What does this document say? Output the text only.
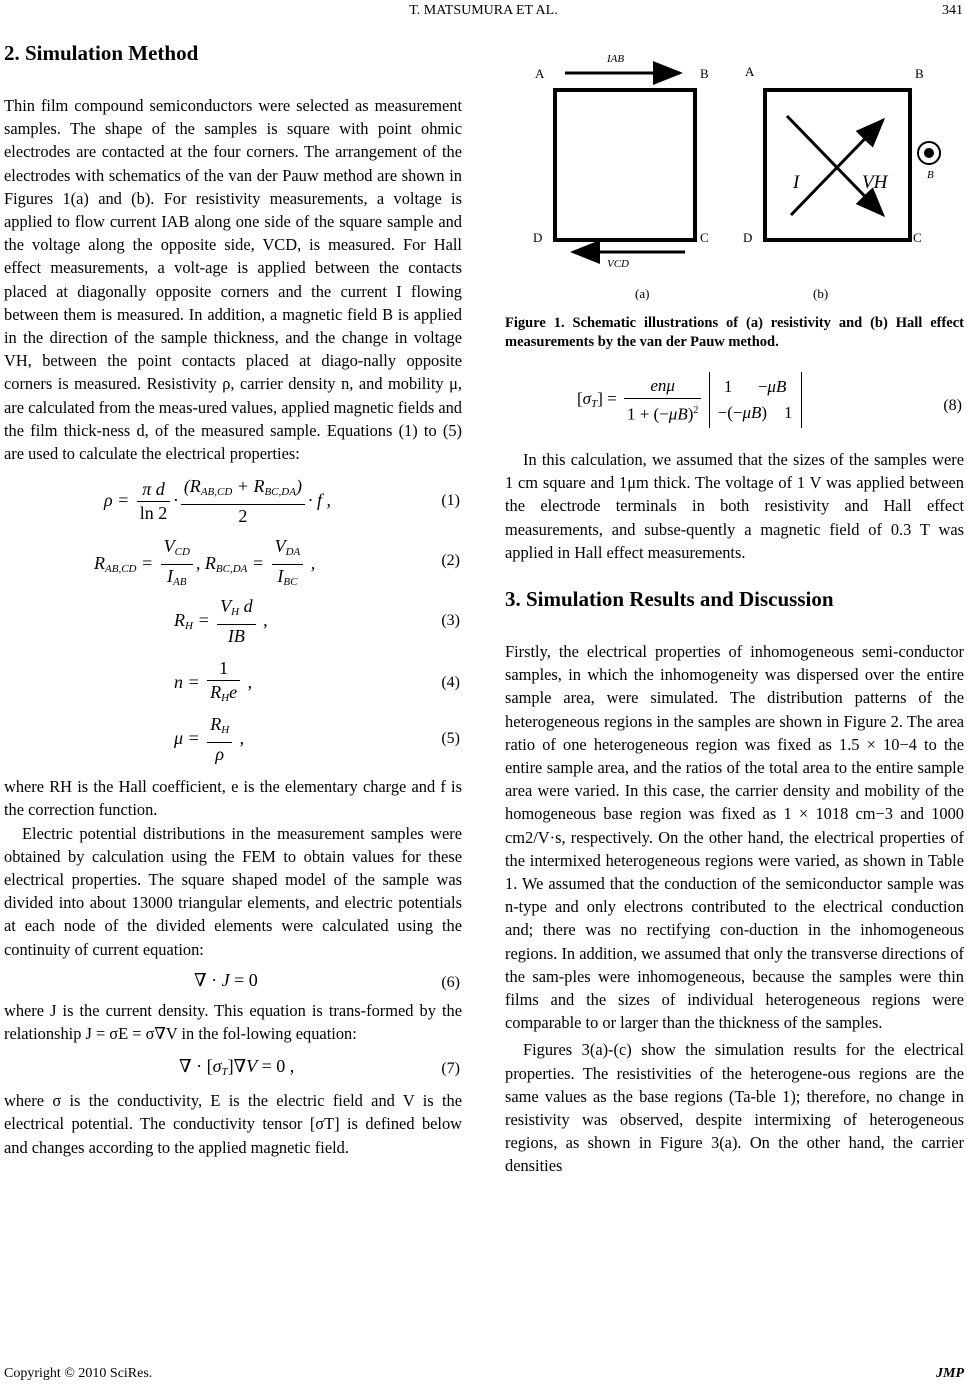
T. MATSUMURA ET AL.	341
2. Simulation Method

Thin film compound semiconductors were selected as measurement samples. The shape of the samples is square with point ohmic electrodes are contacted at the four corners. The arrangement of the electrodes with schematics of the van der Pauw method are shown in Figures 1(a) and (b). For resistivity measurements, a voltage is applied to flow current IAB along one side of the square sample and the voltage along the opposite side, VCD, is measured. For Hall effect measurements, a volt-age is applied between the contacts placed at diagonally opposite corners and the current I flowing between them is measured. In addition, a magnetic field B is applied in the direction of the sample thickness, and the change in voltage VH, between the point contacts placed at diago-nally opposite corners is measured. Resistivity ρ, carrier density n, and mobility μ, are calculated from the meas-ured values, applied magnetic fields and the film thick-ness d, of the measured sample. Equations (1) to (5) are used to calculate the electrical properties:

$\rho = \frac{\text{π d}}{\ln 2} \cdot \frac{(R_{AB,CD} + R_{BC,DA})}{2} \cdot f$ ,	(1)
$R_{AB,CD} = \frac{V_{CD}}{I_{AB}}$ , $R_{BC,DA} = \frac{V_{DA}}{I_{BC}}$ ,	(2)
$R_H = \frac{V_H d}{IB}$ ,	(3)
$n = \frac{1}{R_He}$ ,	(4)
$\mu = \frac{R_H}{\rho}$ ,	(5)

where RH is the Hall coefficient, e is the elementary charge and f is the correction function.

Electric potential distributions in the measurement samples were obtained by calculation using the FEM to obtain values for these electrical properties. The square shaped model of the sample was divided into about 13000 triangular elements, and electric potentials at each node of the divided elements were calculated using the continuity of current equation:

∇ · J = 0	(6)

where J is the current density. This equation is trans-formed by the relationship J = σE = σ∇V in the fol-lowing equation:

∇ · $[\sigma_T]\nabla V = 0$ ,	(7)

where σ is the conductivity, E is the electric field and V is the electrical potential. The conductivity tensor [σT] is defined below and changes according to the applied magnetic field.

IAB
VCD
A	B
C
D
(a)
I	VH	B
A	B
C
D
(b)
Figure 1. Schematic illustrations of (a) resistivity and (b) Hall effect measurements by the van der Pauw method.
$[\sigma_T] = \frac{\text{enμ}}{1 + (-\mu B)^2}$
	1      −μB
−(−μB)    1	(8)

In this calculation, we assumed that the sizes of the samples were 1 cm square and 1μm thick. The voltage of 1 V was applied between the electrode terminals in both resistivity and Hall effect measurements, and subse-quently a magnetic field of 0.3 T was applied in Hall effect measurements.

3. Simulation Results and Discussion

Firstly, the electrical properties of inhomogeneous semi-conductor samples, in which the inhomogeneity was dispersed over the entire sample area, were simulated. The distribution patterns of the heterogeneous regions in the samples are shown in Figure 2. The area ratio of one heterogeneous region was fixed as 1.5 × 10−4 to the entire sample area, and the ratios of the total area to the entire sample area were varied. In this case, the carrier density and mobility of the homogeneous base region was fixed as 1 × 1018 cm−3 and 1000 cm2/V·s, respectively. On the other hand, the electrical properties of the intermixed heterogeneous regions were varied, as shown in Table 1. We assumed that the conduction of the semiconductor sample was n-type and only electrons contributed to the electrical conduction and; there was no rectifying con-duction in the inhomogeneous regions. In addition, we assumed that only the transverse directions of the sam-ples were inhomogeneous, because the samples were thin films and the sizes of individual heterogeneous regions were comparable to or larger than the thickness of the samples.

Figures 3(a)-(c) show the simulation results for the electrical properties. The resistivities of the heterogene-ous regions are the same values as the base regions (Ta-ble 1); therefore, no change in resistivity was observed, despite intermixing of heterogeneous regions, as shown in Figure 3(a). On the other hand, the carrier densities

Copyright © 2010 SciRes.	JMP
